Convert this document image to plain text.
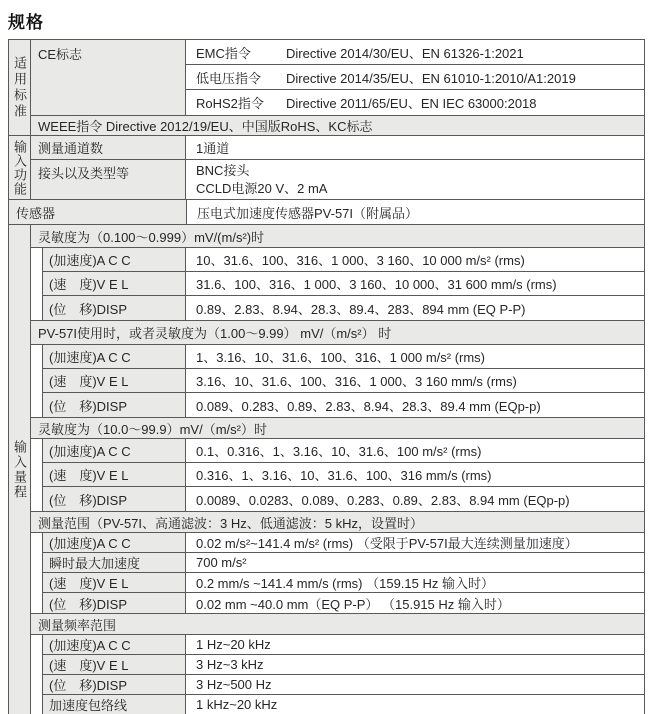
规格
适用标准
CE标志	EMC指令	Directive 2014/30/EU、EN 61326-1:2021
低电压指令	Directive 2014/35/EU、EN 61010-1:2010/A1:2019
RoHS2指令	Directive 2011/65/EU、EN IEC 63000:2018
WEEE指令 Directive 2012/19/EU、中国版RoHS、KC标志
输入功能 测量通道数	1通道
接头以及类型等	BNC接头
CCLD电源20 V、2 mA
传感器	压电式加速度传感器PV-57I（附属品）
输入量程
灵敏度为（0.100～0.999）mV/(m/s²)时
(加速度)A C C	10、31.6、100、316、1 000、3 160、10 000 m/s² (rms)
(速　度)V E L	31.6、100、316、1 000、3 160、10 000、31 600 mm/s (rms)
(位　移)DISP	0.89、2.83、8.94、28.3、89.4、283、894 mm (EQ P-P)
PV-57I使用时，或者灵敏度为（1.00～9.99） mV/（m/s²） 时
(加速度)A C C	1、3.16、10、31.6、100、316、1 000 m/s² (rms)
(速　度)V E L	3.16、10、31.6、100、316、1 000、3 160 mm/s (rms)
(位　移)DISP	0.089、0.283、0.89、2.83、8.94、28.3、89.4 mm (EQp-p)
灵敏度为（10.0～99.9）mV/（m/s²）时
(加速度)A C C	0.1、0.316、1、3.16、10、31.6、100 m/s² (rms)
(速　度)V E L	0.316、1、3.16、10、31.6、100、316 mm/s (rms)
(位　移)DISP	0.0089、0.0283、0.089、0.283、0.89、2.83、8.94 mm (EQp-p)
测量范围（PV-57I、高通滤波：3 Hz、低通滤波：5 kHz，设置时）
(加速度)A C C	0.02 m/s²~141.4 m/s² (rms) （受限于PV-57I最大连续测量加速度）
瞬时最大加速度	700 m/s²
(速　度)V E L	0.2 mm/s ~141.4 mm/s (rms) （159.15 Hz 输入时）
(位　移)DISP	0.02 mm ~40.0 mm（EQ P-P） （15.915 Hz 输入时）
测量频率范围
(加速度)A C C	1 Hz~20 kHz
(速　度)V E L	3 Hz~3 kHz
(位　移)DISP	3 Hz~500 Hz
加速度包络线	1 kHz~20 kHz
